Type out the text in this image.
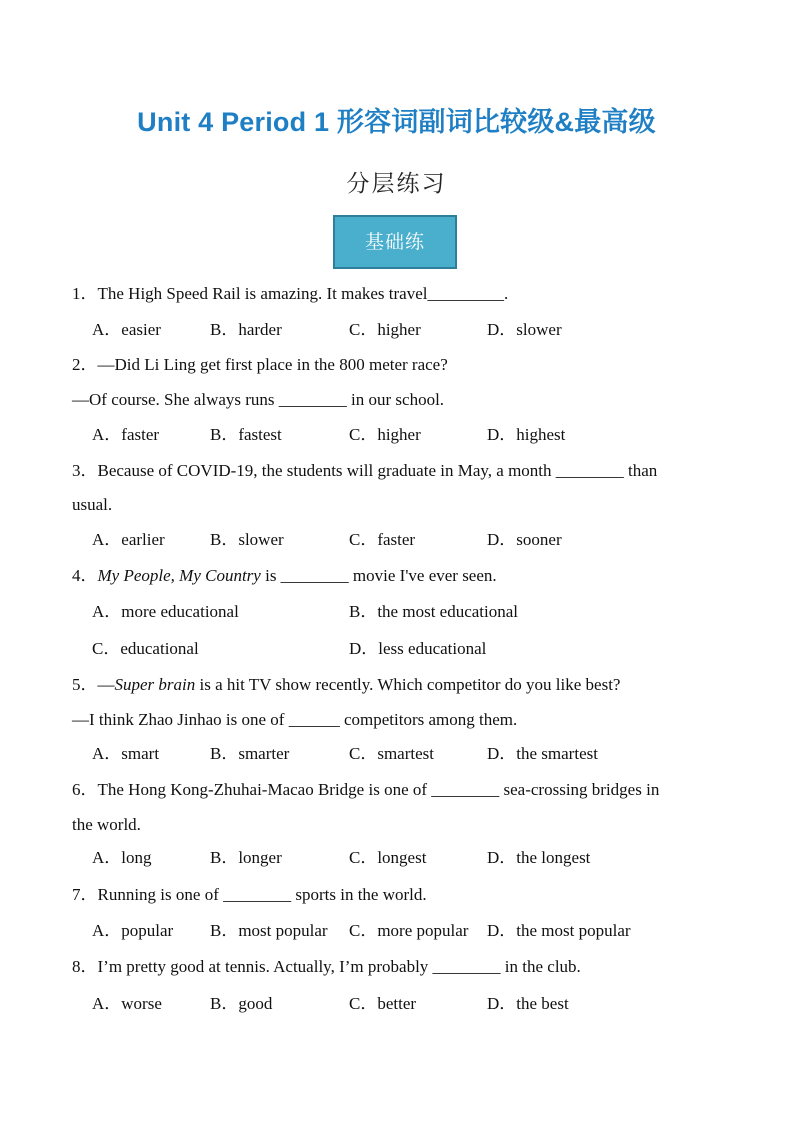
Unit 4 Period 1 形容词副词比较级&最高级
分层练习
基础练
1．The High Speed Rail is amazing. It makes travel_________.
A．easier	B．harder	C．higher	D．slower
2．—Did Li Ling get first place in the 800 meter race?
—Of course. She always runs ________ in our school.
A．faster	B．fastest	C．higher	D．highest
3．Because of COVID-19, the students will graduate in May, a month ________ than
usual.
A．earlier	B．slower	C．faster	D．sooner
4．My People, My Country is ________ movie I've ever seen.
A．more educational	B．the most educational
C．educational	D．less educational
5．—Super brain is a hit TV show recently. Which competitor do you like best?
—I think Zhao Jinhao is one of ______ competitors among them.
A．smart	B．smarter	C．smartest	D．the smartest
6．The Hong Kong-Zhuhai-Macao Bridge is one of ________ sea-crossing bridges in
the world.
A．long	B．longer	C．longest	D．the longest
7．Running is one of ________ sports in the world.
A．popular B．most popular C．more popular D．the most popular
8．I’m pretty good at tennis. Actually, I’m probably ________ in the club.
A．worse	B．good	C．better	D．the best
